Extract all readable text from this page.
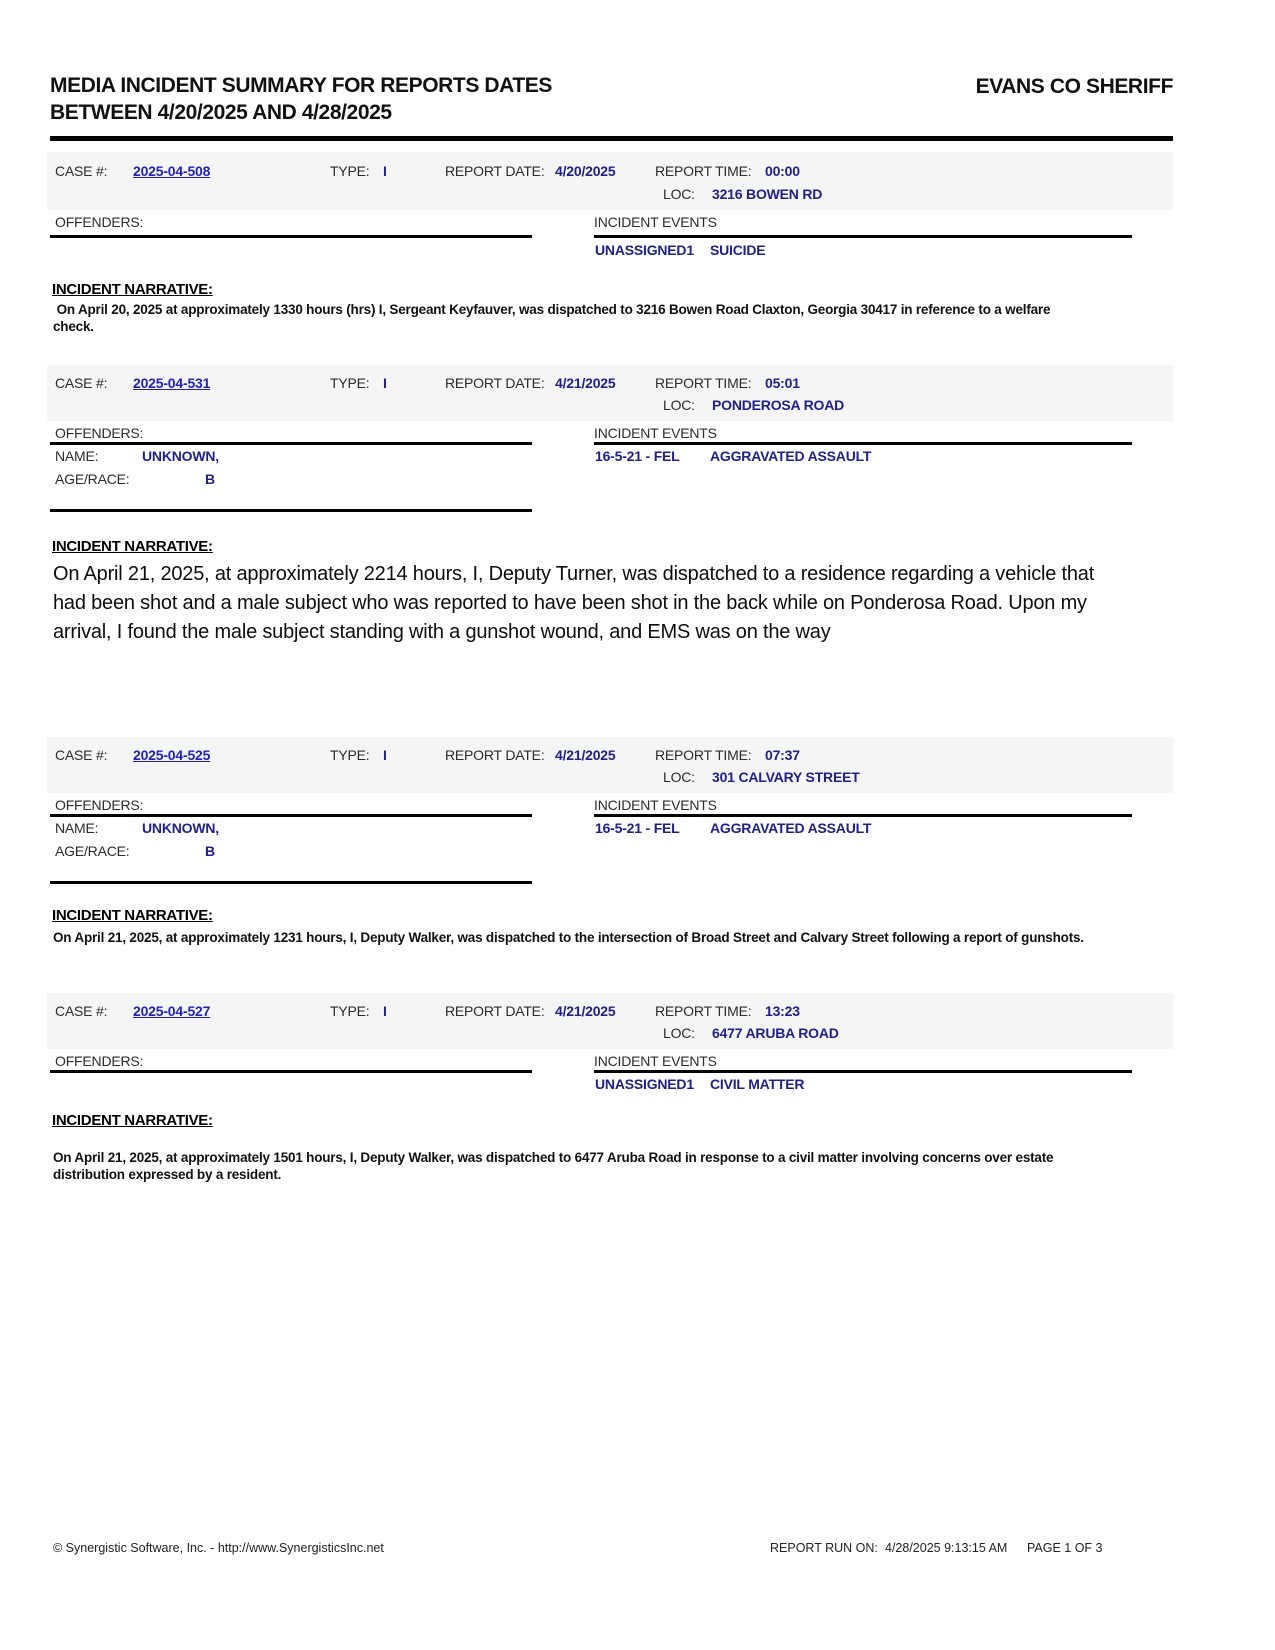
MEDIA INCIDENT SUMMARY FOR REPORTS DATES
BETWEEN 4/20/2025 AND 4/28/2025
EVANS CO SHERIFF
CASE #: 2025-04-508	TYPE: I	REPORT DATE: 4/20/2025	REPORT TIME: 00:00
LOC: 3216 BOWEN RD
OFFENDERS:	INCIDENT EVENTS
UNASSIGNED1 SUICIDE
INCIDENT NARRATIVE:
On April 20, 2025 at approximately 1330 hours (hrs) I, Sergeant Keyfauver, was dispatched to 3216 Bowen Road Claxton, Georgia 30417 in reference to a welfare check.
CASE #: 2025-04-531	TYPE: I	REPORT DATE: 4/21/2025	REPORT TIME: 05:01
LOC: PONDEROSA ROAD
OFFENDERS:	INCIDENT EVENTS
NAME:	UNKNOWN,	16-5-21 - FEL AGGRAVATED ASSAULT
AGE/RACE:	B
INCIDENT NARRATIVE:
On April 21, 2025, at approximately 2214 hours, I, Deputy Turner, was dispatched to a residence regarding a vehicle that had been shot and a male subject who was reported to have been shot in the back while on Ponderosa Road. Upon my arrival, I found the male subject standing with a gunshot wound, and EMS was on the way
CASE #: 2025-04-525	TYPE: I	REPORT DATE: 4/21/2025	REPORT TIME: 07:37
LOC: 301 CALVARY STREET
OFFENDERS:	INCIDENT EVENTS
NAME:	UNKNOWN,	16-5-21 - FEL AGGRAVATED ASSAULT
AGE/RACE:	B
INCIDENT NARRATIVE:
On April 21, 2025, at approximately 1231 hours, I, Deputy Walker, was dispatched to the intersection of Broad Street and Calvary Street following a report of gunshots.
CASE #: 2025-04-527	TYPE: I	REPORT DATE: 4/21/2025	REPORT TIME: 13:23
LOC: 6477 ARUBA ROAD
OFFENDERS:	INCIDENT EVENTS
UNASSIGNED1 CIVIL MATTER
INCIDENT NARRATIVE:
On April 21, 2025, at approximately 1501 hours, I, Deputy Walker, was dispatched to 6477 Aruba Road in response to a civil matter involving concerns over estate distribution expressed by a resident.
© Synergistic Software, Inc. - http://www.SynergisticsInc.net	REPORT RUN ON: 4/28/2025 9:13:15 AM PAGE 1 OF 3
